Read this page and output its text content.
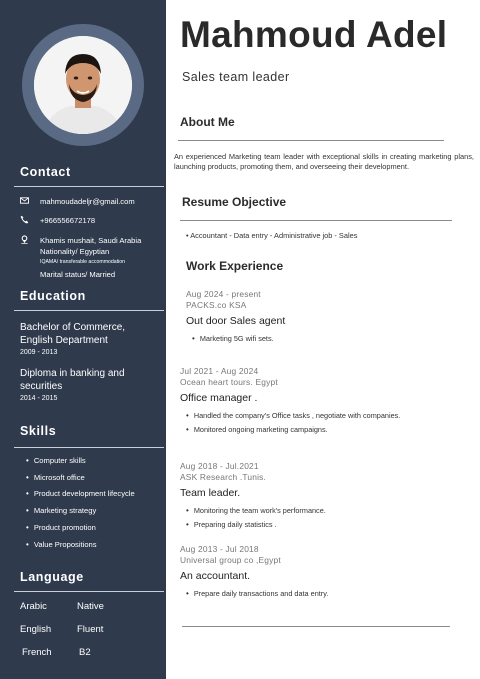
Contact
mahmoudadeljr@gmail.com
+966556672178
Khamis mushait, Saudi Arabia
Nationality/ Egyptian
IQAMA/ transferable accommodation
Marital status/ Married
Education
Bachelor of Commerce,
English Department
2009 - 2013
Diploma in banking and
securities
2014 - 2015
Skills
• Computer skills
• Microsoft office
• Product development lifecycle
• Marketing strategy
• Product promotion
• Value Propositions
Language
Arabic	Native
English	Fluent
French	B2
Mahmoud Adel
Sales team leader
About Me
An experienced Marketing team leader with exceptional skills in creating marketing plans, launching products, promoting them, and overseeing their development.
Resume Objective
• Accountant - Data entry - Administrative job - Sales
Work Experience
Aug 2024 - present
PACKS.co KSA
Out door Sales agent
• Marketing 5G wifi sets.
Jul 2021 - Aug 2024
Ocean heart tours. Egypt
Office manager .
• Handled the company's Office tasks , negotiate with companies.
• Monitored ongoing marketing campaigns.
Aug 2018 - Jul.2021
ASK Research .Tunis.
Team leader.
• Monitoring the team work's performance.
• Preparing daily statistics .
Aug 2013 - Jul 2018
Universal group co ,Egypt
An accountant.
• Prepare daily transactions and data entry.
